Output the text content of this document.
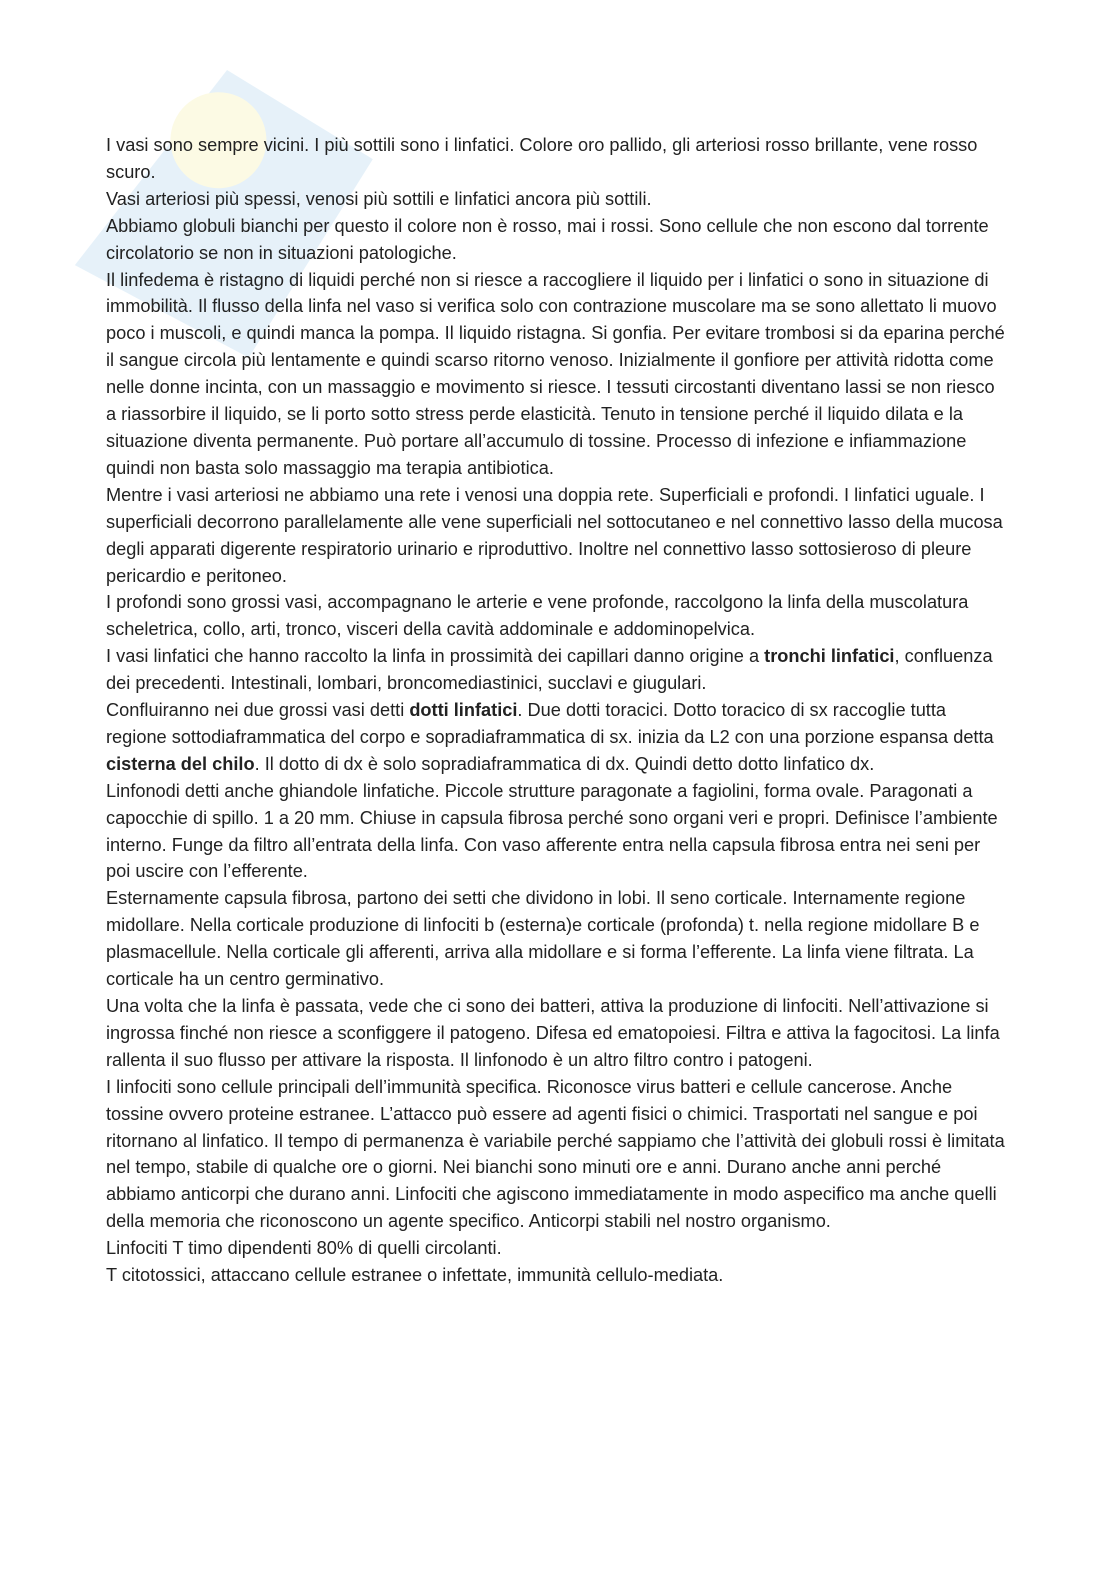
I vasi sono sempre vicini. I più sottili sono i linfatici. Colore oro pallido, gli arteriosi rosso brillante, vene rosso scuro.

Vasi arteriosi più spessi, venosi più sottili e linfatici ancora più sottili.

Abbiamo globuli bianchi per questo il colore non è rosso, mai i rossi. Sono cellule che non escono dal torrente circolatorio se non in situazioni patologiche.

Il linfedema è ristagno di liquidi perché non si riesce a raccogliere il liquido per i linfatici o sono in situazione di immobilità. Il flusso della linfa nel vaso si verifica solo con contrazione muscolare ma se sono allettato li muovo poco i muscoli, e quindi manca la pompa. Il liquido ristagna. Si gonfia. Per evitare trombosi si da eparina perché il sangue circola più lentamente e quindi scarso ritorno venoso. Inizialmente il gonfiore per attività ridotta come nelle donne incinta, con un massaggio e movimento si riesce. I tessuti circostanti diventano lassi se non riesco a riassorbire il liquido, se li porto sotto stress perde elasticità. Tenuto in tensione perché il liquido dilata e la situazione diventa permanente. Può portare all’accumulo di tossine. Processo di infezione e infiammazione quindi non basta solo massaggio ma terapia antibiotica.

Mentre i vasi arteriosi ne abbiamo una rete i venosi una doppia rete. Superficiali e profondi. I linfatici uguale. I superficiali decorrono parallelamente alle vene superficiali nel sottocutaneo e nel connettivo lasso della mucosa degli apparati digerente respiratorio urinario e riproduttivo. Inoltre nel connettivo lasso sottosieroso di pleure pericardio e peritoneo.

I profondi sono grossi vasi, accompagnano le arterie e vene profonde, raccolgono la linfa della muscolatura scheletrica, collo, arti, tronco, visceri della cavità addominale e addominopelvica.

I vasi linfatici che hanno raccolto la linfa in prossimità dei capillari danno origine a tronchi linfatici, confluenza dei precedenti. Intestinali, lombari, broncomediastinici, succlavi e giugulari.

Confluiranno nei due grossi vasi detti dotti linfatici. Due dotti toracici. Dotto toracico di sx raccoglie tutta regione sottodiaframmatica del corpo e sopradiaframmatica di sx. inizia da L2 con una porzione espansa detta cisterna del chilo. Il dotto di dx è solo sopradiaframmatica di dx. Quindi detto dotto linfatico dx.

Linfonodi detti anche ghiandole linfatiche. Piccole strutture paragonate a fagiolini, forma ovale. Paragonati a capocchie di spillo. 1 a 20 mm. Chiuse in capsula fibrosa perché sono organi veri e propri. Definisce l’ambiente interno. Funge da filtro all’entrata della linfa. Con vaso afferente entra nella capsula fibrosa entra nei seni per poi uscire con l’efferente.

Esternamente capsula fibrosa, partono dei setti che dividono in lobi. Il seno corticale. Internamente regione midollare. Nella corticale produzione di linfociti b (esterna)e corticale (profonda) t. nella regione midollare B e plasmacellule. Nella corticale gli afferenti, arriva alla midollare e si forma l’efferente. La linfa viene filtrata. La corticale ha un centro germinativo.

Una volta che la linfa è passata, vede che ci sono dei batteri, attiva la produzione di linfociti. Nell’attivazione si ingrossa finché non riesce a sconfiggere il patogeno. Difesa ed ematopoiesi. Filtra e attiva la fagocitosi. La linfa rallenta il suo flusso per attivare la risposta. Il linfonodo è un altro filtro contro i patogeni.

I linfociti sono cellule principali dell’immunità specifica. Riconosce virus batteri e cellule cancerose. Anche tossine ovvero proteine estranee. L’attacco può essere ad agenti fisici o chimici. Trasportati nel sangue e poi ritornano al linfatico. Il tempo di permanenza è variabile perché sappiamo che l’attività dei globuli rossi è limitata nel tempo, stabile di qualche ore o giorni. Nei bianchi sono minuti ore e anni. Durano anche anni perché abbiamo anticorpi che durano anni. Linfociti che agiscono immediatamente in modo aspecifico ma anche quelli della memoria che riconoscono un agente specifico. Anticorpi stabili nel nostro organismo.

Linfociti T timo dipendenti 80% di quelli circolanti.

T citotossici, attaccano cellule estranee o infettate, immunità cellulo-mediata.
